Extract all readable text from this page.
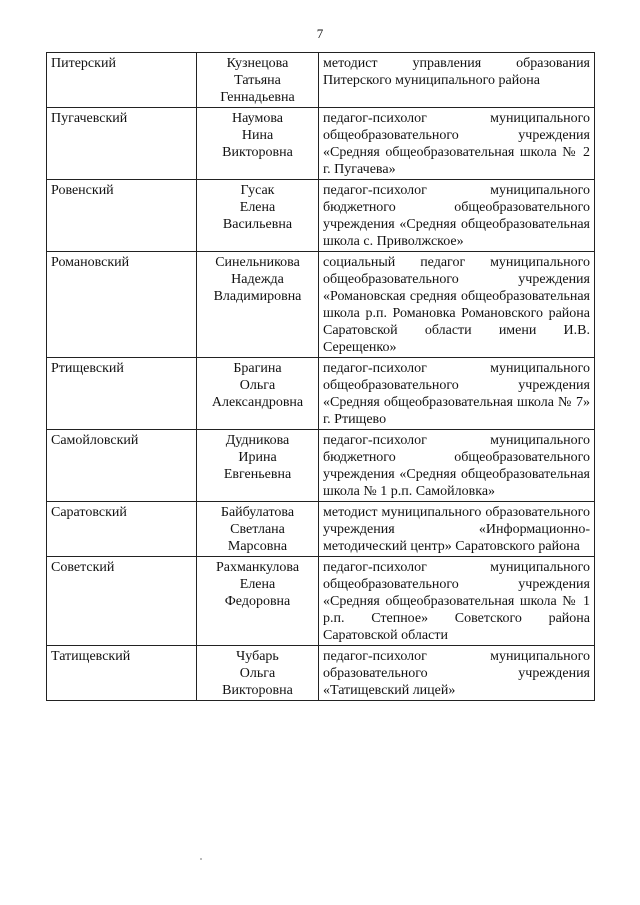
7
Питерский	Кузнецова
Татьяна
Геннадьевна	методист управления образования Питерского муниципального района
Пугачевский	Наумова
Нина
Викторовна	педагог-психолог муниципального общеобразовательного учреждения «Средняя общеобразовательная школа № 2 г. Пугачева»
Ровенский	Гусак
Елена
Васильевна	педагог-психолог муниципального бюджетного общеобразовательного учреждения «Средняя общеобразовательная школа с. Приволжское»
Романовский	Синельникова
Надежда
Владимировна	социальный педагог муниципального общеобразовательного учреждения «Романовская средняя общеобразовательная школа р.п. Романовка Романовского района Саратовской области имени И.В. Серещенко»
Ртищевский	Брагина
Ольга
Александровна	педагог-психолог муниципального общеобразовательного учреждения «Средняя общеобразовательная школа № 7» г. Ртищево
Самойловский	Дудникова
Ирина
Евгеньевна	педагог-психолог муниципального бюджетного общеобразовательного учреждения «Средняя общеобразовательная школа № 1 р.п. Самойловка»
Саратовский	Байбулатова
Светлана
Марсовна	методист муниципального образовательного учреждения «Информационно-методический центр» Саратовского района
Советский	Рахманкулова
Елена
Федоровна	педагог-психолог муниципального общеобразовательного учреждения «Средняя общеобразовательная школа № 1 р.п. Степное» Советского района Саратовской области
Татищевский	Чубарь
Ольга
Викторовна	педагог-психолог муниципального образовательного учреждения «Татищевский лицей»
